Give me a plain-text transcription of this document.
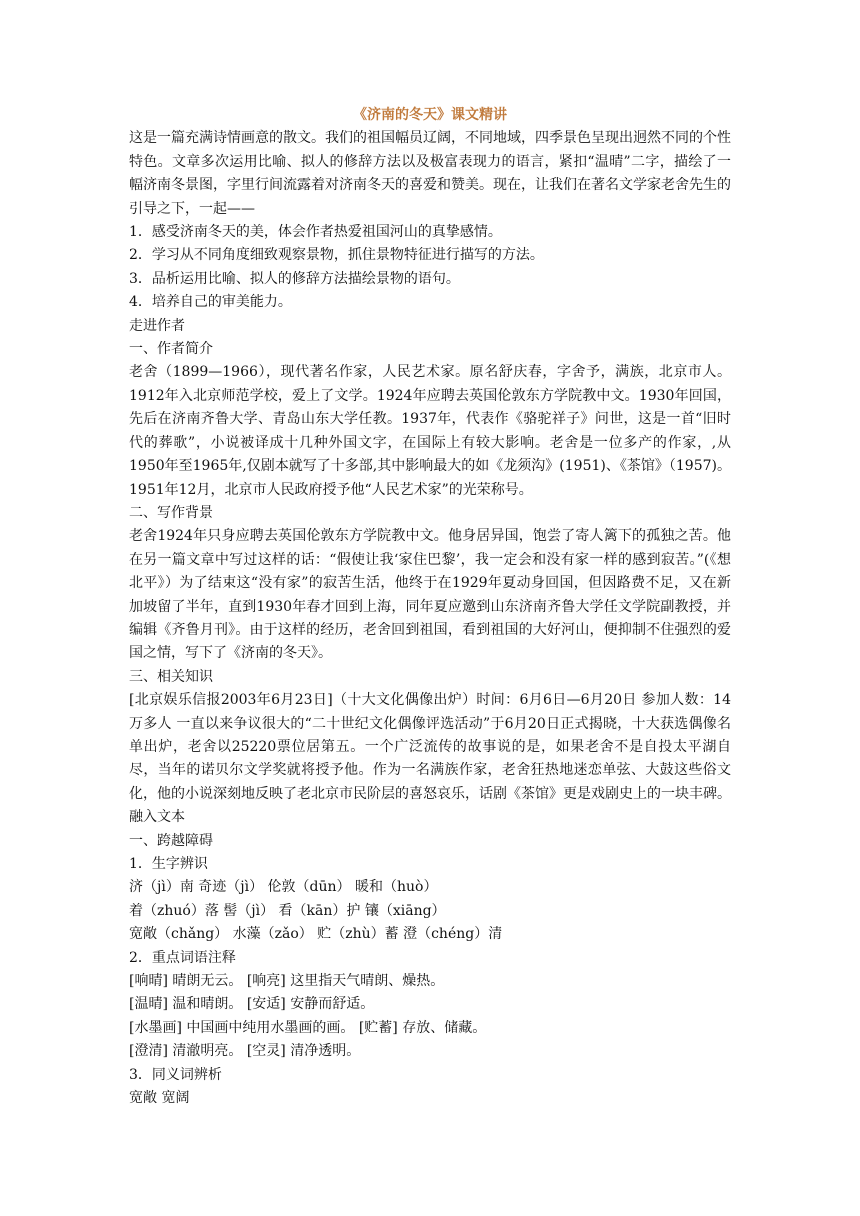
《济南的冬天》课文精讲

这是一篇充满诗情画意的散文。我们的祖国幅员辽阔，不同地域，四季景色呈现出迥然不同的个性特色。文章多次运用比喻、拟人的修辞方法以及极富表现力的语言，紧扣“温晴”二字，描绘了一幅济南冬景图，字里行间流露着对济南冬天的喜爱和赞美。现在，让我们在著名文学家老舍先生的引导之下，一起——

1．感受济南冬天的美，体会作者热爱祖国河山的真挚感情。

2．学习从不同角度细致观察景物，抓住景物特征进行描写的方法。

3．品析运用比喻、拟人的修辞方法描绘景物的语句。

4．培养自己的审美能力。

走进作者

一、作者简介

老舍（1899—1966），现代著名作家，人民艺术家。原名舒庆春，字舍予，满族，北京市人。1912年入北京师范学校，爱上了文学。1924年应聘去英国伦敦东方学院教中文。1930年回国，先后在济南齐鲁大学、青岛山东大学任教。1937年，代表作《骆驼祥子》问世，这是一首“旧时代的葬歌”，小说被译成十几种外国文字，在国际上有较大影响。老舍是一位多产的作家，,从1950年至1965年,仅剧本就写了十多部,其中影响最大的如《龙须沟》(1951)、《茶馆》（1957)。1951年12月，北京市人民政府授予他“人民艺术家”的光荣称号。

二、写作背景

老舍1924年只身应聘去英国伦敦东方学院教中文。他身居异国，饱尝了寄人篱下的孤独之苦。他在另一篇文章中写过这样的话：“假使让我‘家住巴黎’，我一定会和没有家一样的感到寂苦。”(《想北平》）为了结束这“没有家”的寂苦生活，他终于在1929年夏动身回国，但因路费不足，又在新加坡留了半年，直到1930年春才回到上海，同年夏应邀到山东济南齐鲁大学任文学院副教授，并编辑《齐鲁月刊》。由于这样的经历，老舍回到祖国，看到祖国的大好河山，便抑制不住强烈的爱国之情，写下了《济南的冬天》。

三、相关知识

[北京娱乐信报2003年6月23日]（十大文化偶像出炉）时间：6月6日—6月20日 参加人数：14万多人 一直以来争议很大的“二十世纪文化偶像评选活动”于6月20日正式揭晓，十大获选偶像名单出炉，老舍以25220票位居第五。一个广泛流传的故事说的是，如果老舍不是自投太平湖自尽，当年的诺贝尔文学奖就将授予他。作为一名满族作家，老舍狂热地迷恋单弦、大鼓这些俗文化，他的小说深刻地反映了老北京市民阶层的喜怒哀乐，话剧《茶馆》更是戏剧史上的一块丰碑。

融入文本

一、跨越障碍

1．生字辨识

济（jì）南 奇迹（jì） 伦敦（dūn） 暖和（huò）

着（zhuó）落 髻（jì） 看（kān）护 镶（xiāng）

宽敞（chǎng） 水藻（zǎo） 贮（zhù）蓄 澄（chéng）清

2．重点词语注释

[响晴] 晴朗无云。 [响亮] 这里指天气晴朗、燥热。

[温晴] 温和晴朗。 [安适] 安静而舒适。

[水墨画] 中国画中纯用水墨画的画。 [贮蓄] 存放、储藏。

[澄清] 清澈明亮。 [空灵] 清净透明。

3．同义词辨析

宽敞 宽阔
